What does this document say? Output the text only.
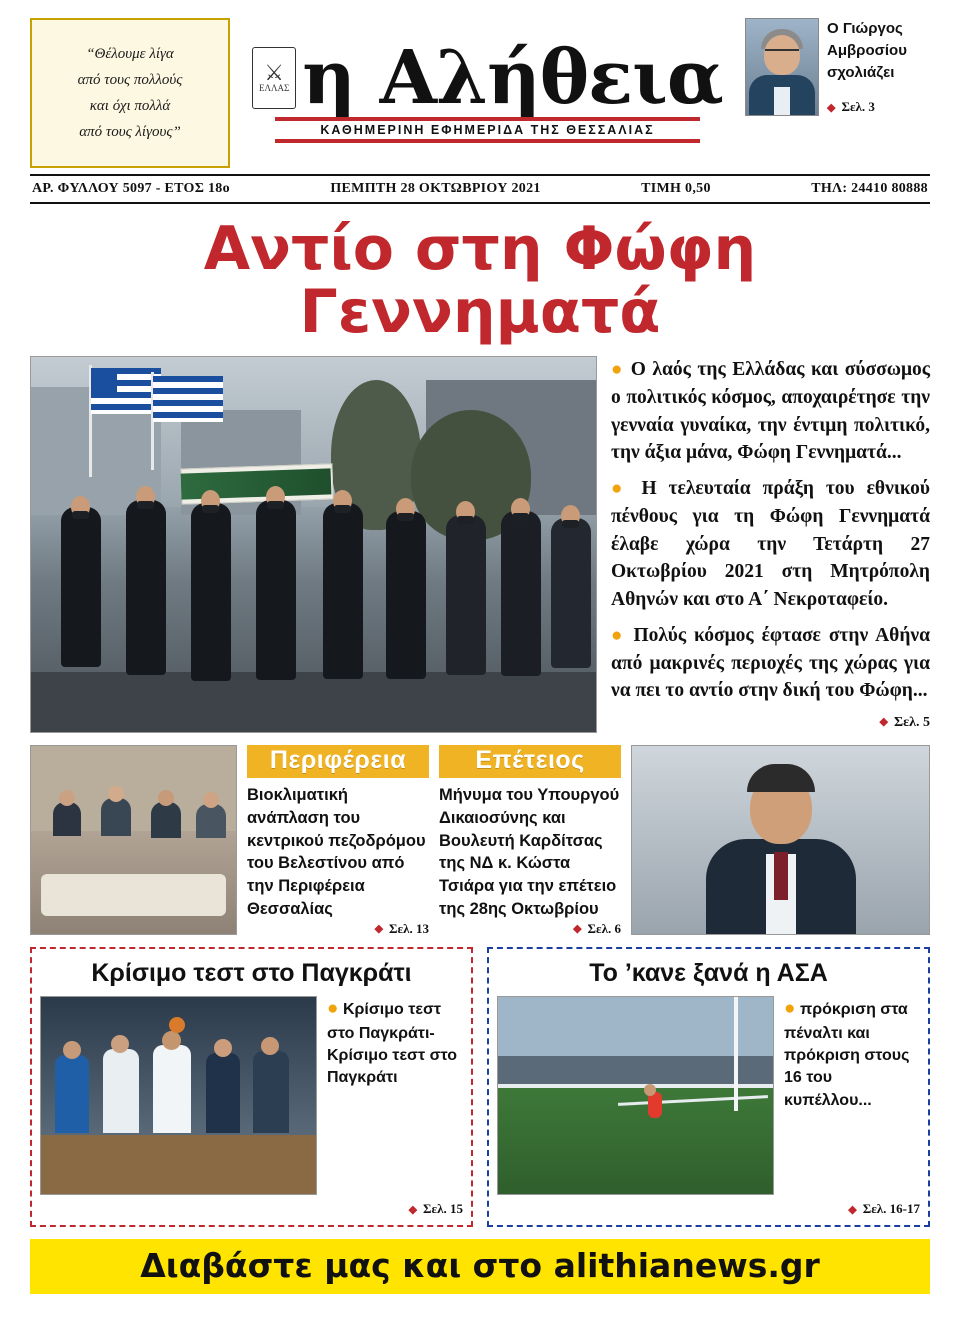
“Θέλουμε λίγα
από τους πολλούς
και όχι πολλά
από τους λίγους”
⚔
ΕΛΛΑΣ η Αλήθεια
ΚΑΘΗΜΕΡΙΝΗ ΕΦΗΜΕΡΙΔΑ ΤΗΣ ΘΕΣΣΑΛΙΑΣ
Ο Γιώργος
Αμβροσίου
σχολιάζει
◆ Σελ. 3
ΑΡ. ΦΥΛΛΟΥ 5097 - ΕΤΟΣ 18ο	ΠΕΜΠΤΗ 28 ΟΚΤΩΒΡΙΟΥ 2021	ΤΙΜΗ 0,50	ΤΗΛ: 24410 80888
Αντίο στη Φώφη Γεννηματά

● Ο λαός της Ελλάδας και σύσσωμος ο πολιτικός κόσμος, αποχαιρέτησε την γενναία γυναίκα, την έντιμη πολιτικό, την άξια μάνα, Φώφη Γεννηματά...

● Η τελευταία πράξη του εθνικού πένθους για τη Φώφη Γεννηματά έλαβε χώρα την Τετάρτη 27 Οκτωβρίου 2021 στη Μητρόπολη Αθηνών και στο Α΄ Νεκροταφείο.

● Πολύς κόσμος έφτασε στην Αθήνα από μακρινές περιοχές της χώρας για να πει το αντίο στην δική του Φώφη...

◆ Σελ. 5
Περιφέρεια
Βιοκλιματική ανάπλαση του κεντρικού πεζοδρόμου του Βελεστίνου από την Περιφέρεια Θεσσαλίας
◆ Σελ. 13
Επέτειος
Μήνυμα του Υπουργού Δικαιοσύνης και Βουλευτή Καρδίτσας της ΝΔ κ. Κώστα Τσιάρα για την επέτειο της 28ης Οκτωβρίου
◆ Σελ. 6
Κρίσιμο τεστ στο Παγκράτι
● Κρίσιμο τεστ στο Παγκράτι- Κρίσιμο τεστ στο Παγκράτι
◆ Σελ. 15
Το ’κανε ξανά η ΑΣΑ
● πρόκριση στα πέναλτι και πρόκριση στους 16 του κυπέλλου...
◆ Σελ. 16-17
Διαβάστε μας και στο alithianews.gr
